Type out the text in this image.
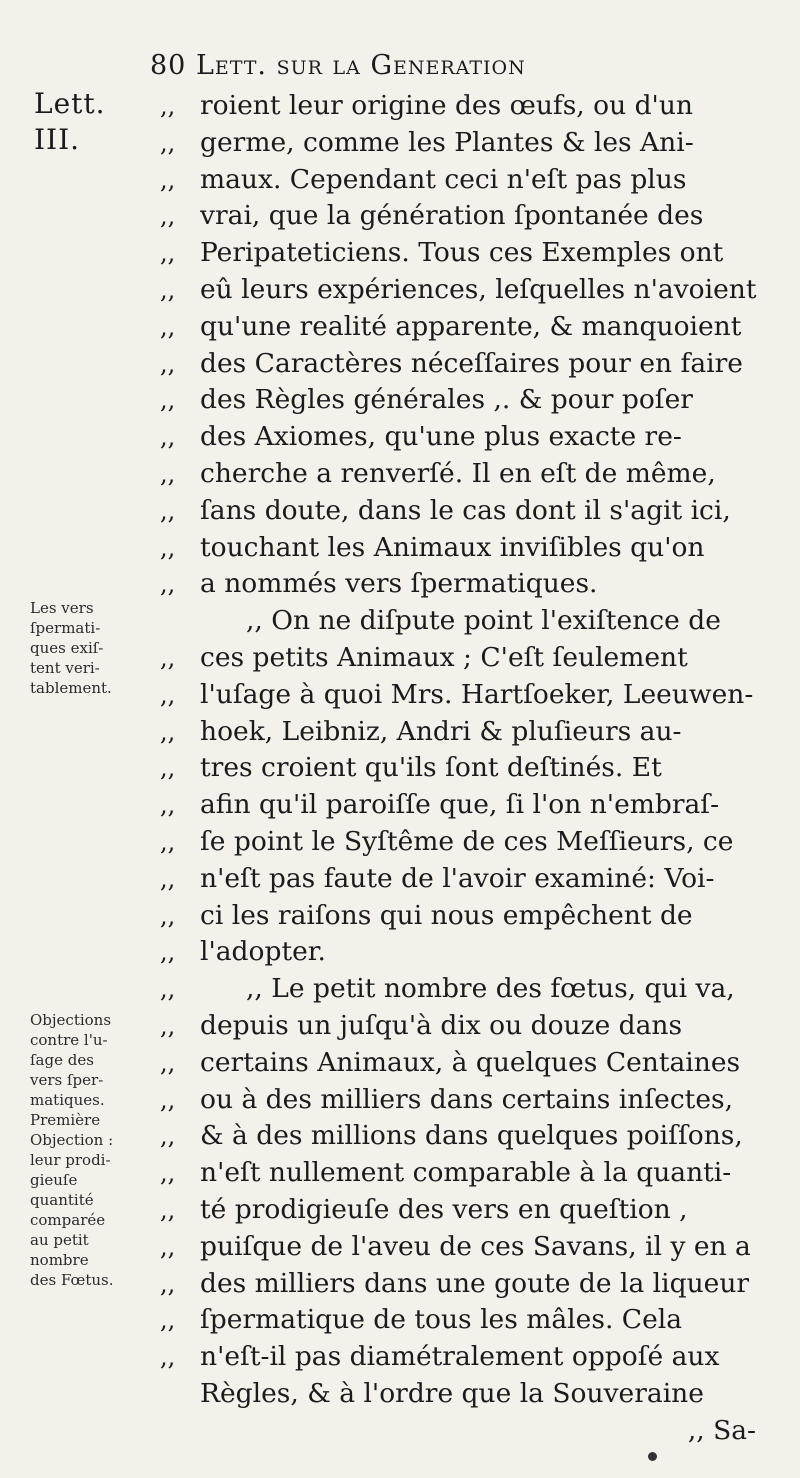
80 Lett. sur la Generation
Lett.
III.
,,
,,
,,
,,
,,
,,
,,
,,
,,
,,
,,
,,
,,
,,
,,
,,
,,
,,
,,
,,
,,
,,
,,
,,
,,
,,
,,
,,
,,
,,
,,
,,
,,
,,
roient leur origine des œufs, ou d'un
germe, comme les Plantes & les Ani-
maux. Cependant ceci n'eſt pas plus
vrai, que la génération ſpontanée des
Peripateticiens. Tous ces Exemples ont
eû leurs expériences, leſquelles n'avoient
qu'une realité apparente, & manquoient
des Caractères néceſſaires pour en faire
des Règles générales ,. & pour poſer
des Axiomes, qu'une plus exacte re-
cherche a renverſé. Il en eſt de même,
ſans doute, dans le cas dont il s'agit ici,
touchant les Animaux inviſibles qu'on
a nommés vers ſpermatiques.
,, On ne diſpute point l'exiſtence de
ces petits Animaux ; C'eſt ſeulement
l'uſage à quoi Mrs. Hartſoeker, Leeuwen-
hoek, Leibniz, Andri & pluſieurs au-
tres croient qu'ils ſont deſtinés. Et
afin qu'il paroiſſe que, ſi l'on n'embraſ-
ſe point le Syſtême de ces Meſſieurs, ce
n'eſt pas faute de l'avoir examiné: Voi-
ci les raiſons qui nous empêchent de
l'adopter.
,, Le petit nombre des fœtus, qui va,
depuis un juſqu'à dix ou douze dans
certains Animaux, à quelques Centaines
ou à des milliers dans certains inſectes,
& à des millions dans quelques poiſſons,
n'eſt nullement comparable à la quanti-
té prodigieuſe des vers en queſtion ,
puiſque de l'aveu de ces Savans, il y en a
des milliers dans une goute de la liqueur
ſpermatique de tous les mâles. Cela
n'eſt-il pas diamétralement oppoſé aux
Règles, & à l'ordre que la Souveraine
,, Sa-
Les vers
ſpermati-
ques exiſ-
tent veri-
tablement.
Objections
contre l'u-
ſage des
vers ſper-
matiques.
Première
Objection :
leur prodi-
gieuſe
quantité
comparée
au petit
nombre
des Fœtus.
